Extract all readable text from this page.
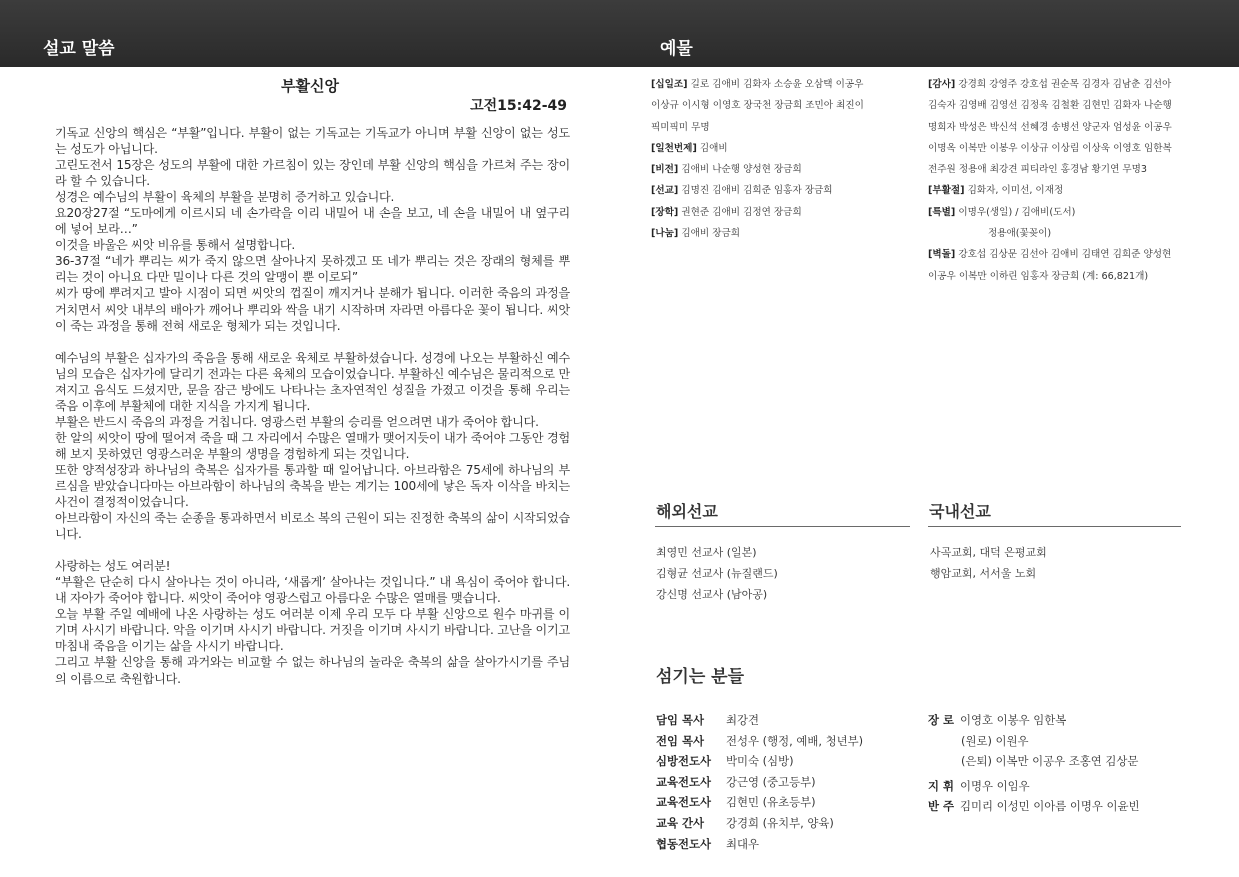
설교 말씀	예물
부활신앙
고전15:42-49

기독교 신앙의 핵심은 “부활”입니다. 부활이 없는 기독교는 기독교가 아니며 부활 신앙이 없는 성도는 성도가 아닙니다.

고린도전서 15장은 성도의 부활에 대한 가르침이 있는 장인데 부활 신앙의 핵심을 가르쳐 주는 장이라 할 수 있습니다.

성경은 예수님의 부활이 육체의 부활을 분명히 증거하고 있습니다.

요20장27절 “도마에게 이르시되 네 손가락을 이리 내밀어 내 손을 보고, 네 손을 내밀어 내 옆구리에 넣어 보라…”

이것을 바울은 씨앗 비유를 통해서 설명합니다.

36-37절 “네가 뿌리는 씨가 죽지 않으면 살아나지 못하겠고 또 네가 뿌리는 것은 장래의 형체를 뿌리는 것이 아니요 다만 밀이나 다른 것의 알맹이 뿐 이로되”

씨가 땅에 뿌려지고 발아 시점이 되면 씨앗의 껍질이 깨지거나 분해가 됩니다. 이러한 죽음의 과정을 거치면서 씨앗 내부의 배아가 깨어나 뿌리와 싹을 내기 시작하며 자라면 아름다운 꽃이 됩니다. 씨앗이 죽는 과정을 통해 전혀 새로운 형체가 되는 것입니다.

예수님의 부활은 십자가의 죽음을 통해 새로운 육체로 부활하셨습니다. 성경에 나오는 부활하신 예수님의 모습은 십자가에 달리기 전과는 다른 육체의 모습이었습니다. 부활하신 예수님은 물리적으로 만져지고 음식도 드셨지만, 문을 잠근 방에도 나타나는 초자연적인 성질을 가졌고 이것을 통해 우리는 죽음 이후에 부활체에 대한 지식을 가지게 됩니다.

부활은 반드시 죽음의 과정을 거칩니다. 영광스런 부활의 승리를 얻으려면 내가 죽어야 합니다.

한 알의 씨앗이 땅에 떨어져 죽을 때 그 자리에서 수많은 열매가 맺어지듯이 내가 죽어야 그동안 경험해 보지 못하였던 영광스러운 부활의 생명을 경험하게 되는 것입니다.

또한 양적성장과 하나님의 축복은 십자가를 통과할 때 일어납니다. 아브라함은 75세에 하나님의 부르심을 받았습니다마는 아브라함이 하나님의 축복을 받는 계기는 100세에 낳은 독자 이삭을 바치는 사건이 결정적이었습니다.

아브라함이 자신의 죽는 순종을 통과하면서 비로소 복의 근원이 되는 진정한 축복의 삶이 시작되었습니다.

사랑하는 성도 여러분!

“부활은 단순히 다시 살아나는 것이 아니라, ‘새롭게’ 살아나는 것입니다.” 내 욕심이 죽어야 합니다. 내 자아가 죽어야 합니다. 씨앗이 죽어야 영광스럽고 아름다운 수많은 열매를 맺습니다.

오늘 부활 주일 예배에 나온 사랑하는 성도 여러분 이제 우리 모두 다 부활 신앙으로 원수 마귀를 이기며 사시기 바랍니다. 악을 이기며 사시기 바랍니다. 거짓을 이기며 사시기 바랍니다. 고난을 이기고 마침내 죽음을 이기는 삶을 사시기 바랍니다.

그리고 부활 신앙을 통해 과거와는 비교할 수 없는 하나님의 놀라운 축복의 삶을 살아가시기를 주님의 이름으로 축원합니다.

[십일조] 길로 김애비 김화자 소승윤 오삼택 이공우
이상규 이시형 이영호 장국천 장금희 조민아 최진이
픽미픽미 무명
[일천번제] 김애비
[비전] 김애비 나순행 양성현 장금희
[선교] 김명진 김애비 김희준 임홍자 장금희
[장학] 권현준 김애비 김정연 장금희
[나눔] 김애비 장금희
[감사] 강경희 강영주 강호섭 권순목 김경자 김남춘 김선아
김숙자 김영배 김영선 김정욱 김철환 김현민 김화자 나순행
명희자 박성은 박신석 선혜경 송병선 양군자 엄성윤 이공우
이명옥 이복만 이봉우 이상규 이상림 이상욱 이영호 임한복
전주원 정용애 최강견 피티라인 홍경남 황기연 무명3
[부활절] 김화자, 이미선, 이재정
[특별] 이명우(생일) / 김애비(도서)
정용애(꽃꽂이)
[벽돌] 강호섭 김상문 김선아 김애비 김태연 김희준 양성현
이공우 이복만 이하린 임홍자 장금희 (계: 66,821개)
해외선교
최영민 선교사 (일본)
김형균 선교사 (뉴질랜드)
강신명 선교사 (남아공)
국내선교
사곡교회, 대덕 은평교회
행암교회, 서서울 노회
섬기는 분들
담임 목사 최강견
전임 목사 전성우 (행정, 예배, 청년부)
심방전도사 박미숙 (심방)
교육전도사 강근영 (중고등부)
교육전도사 김현민 (유초등부)
교육 간사 강경희 (유치부, 양육)
협동전도사 최대우
장 로 이영호 이봉우 임한복
(원로) 이원우
(은퇴) 이복만 이공우 조홍연 김상문
지 휘 이명우 이임우
반 주 김미리 이성민 이아름 이명우 이윤빈
